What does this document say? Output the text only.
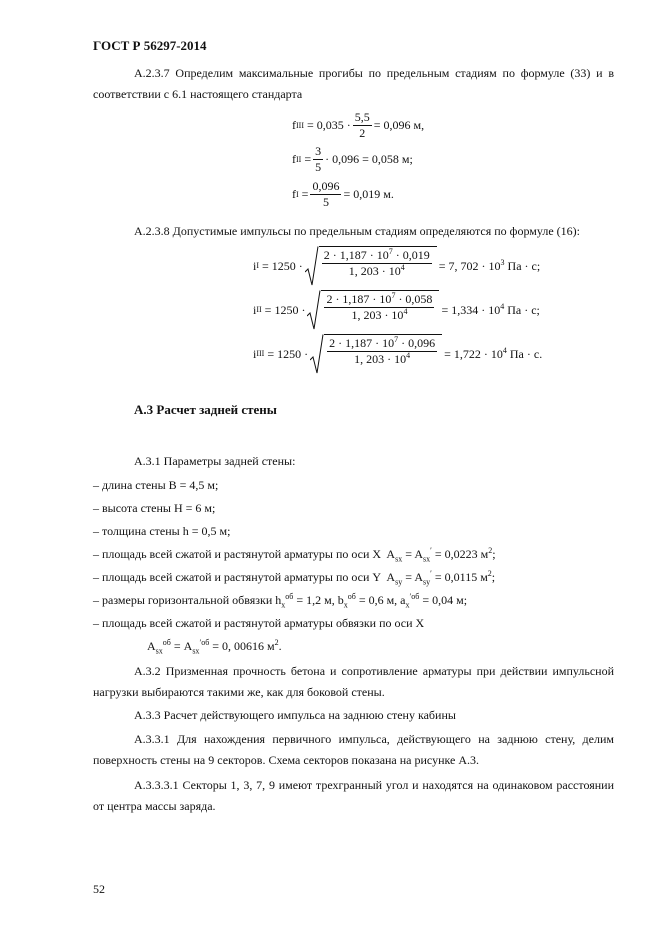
ГОСТ Р 56297-2014
А.2.3.7 Определим максимальные прогибы по предельным стадиям по формуле (33) и в соответствии с 6.1 настоящего стандарта
f III = $0,035 \cdot \frac{5,5}{2} = 0,096$ м,
f II = $\frac{3}{5} \cdot 0,096 = 0,058$ м;
f $I = \frac{0,096}{5} = 0,019$ м.
А.2.3.8 Допустимые импульсы по предельным стадиям определяются по формуле (16):
i $I = 1250 \cdot \frac{2 \cdot 1,187 \cdot 10^7 \cdot 0,019}{1, 203 \cdot 10^4} = 7$, $702 \cdot 10^3$ Па · с;
i II = $1250 \cdot \frac{2 \cdot 1,187 \cdot 10^7 \cdot 0,058}{1, 203 \cdot 10^4} = 1,334 \cdot 10^4$ Па · с;
i III = $1250 \cdot \frac{2 \cdot 1,187 \cdot 10^7 \cdot 0,096}{1, 203 \cdot 10^4} = 1,722 \cdot 10^4$ Па · с.
А.3 Расчет задней стены
А.3.1 Параметры задней стены:
– длина стены B = 4,5 м;
– высота стены H = 6 м;
– толщина стены h = 0,5 м;
– площадь всей сжатой и растянутой арматуры по оси X $A_{sx} = A_{sx}' = 0,0223$ $м^2$;
– площадь всей сжатой и растянутой арматуры по оси Y $A_{sy} = A_{sy}' = 0,0115$ $м^2$;
– размеры горизонтальной обвязки $h_x^{об} = 1,2$ м, $b_x^{об} = 0,6$ м, $a_x^{'об} = 0,04$ м;
– площадь всей сжатой и растянутой арматуры обвязки по оси X
$A_{sx}^{об} = A_{sx}^{'об} = 0$, 00616 $м^2$.
А.3.2 Призменная прочность бетона и сопротивление арматуры при действии импульсной нагрузки выбираются такими же, как для боковой стены.
А.3.3 Расчет действующего импульса на заднюю стену кабины
А.3.3.1 Для нахождения первичного импульса, действующего на заднюю стену, делим поверхность стены на 9 секторов. Схема секторов показана на рисунке А.3.
А.3.3.3.1 Секторы 1, 3, 7, 9 имеют трехгранный угол и находятся на одинаковом расстоянии от центра массы заряда.
52
